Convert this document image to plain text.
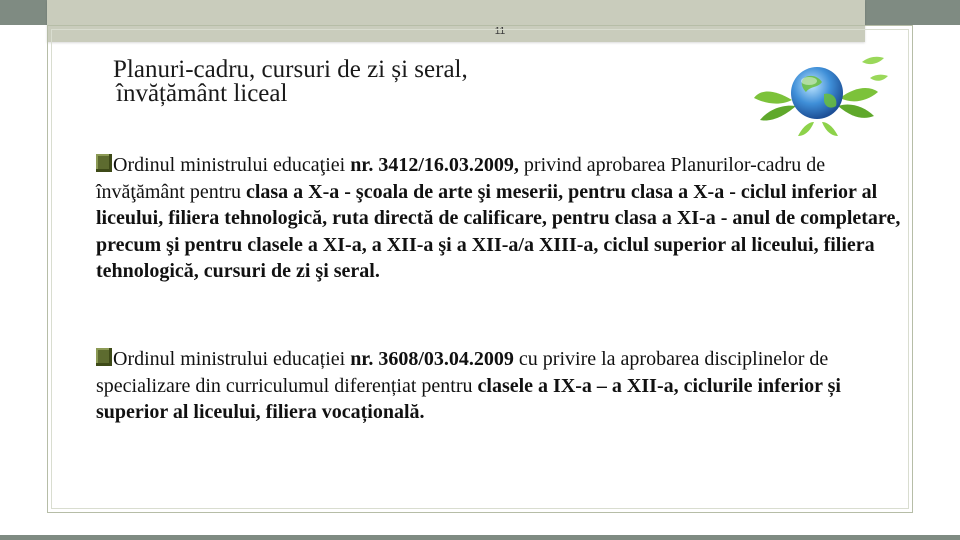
11
Planuri-cadru, cursuri de zi și seral,
învățământ liceal

Ordinul ministrului educaţiei nr. 3412/16.03.2009, privind aprobarea Planurilor-cadru de învăţământ pentru clasa a X-a - şcoala de arte şi meserii, pentru clasa a X-a - ciclul inferior al liceului, filiera tehnologică, ruta directă de calificare, pentru clasa a XI-a - anul de completare, precum şi pentru clasele a XI-a, a XII-a şi a XII-a/a XIII-a, ciclul superior al liceului, filiera tehnologică, cursuri de zi şi seral.

Ordinul ministrului educației nr. 3608/03.04.2009 cu privire la aprobarea disciplinelor de specializare din curriculumul diferențiat pentru clasele a IX-a – a XII-a, ciclurile inferior și superior al liceului, filiera vocațională.
